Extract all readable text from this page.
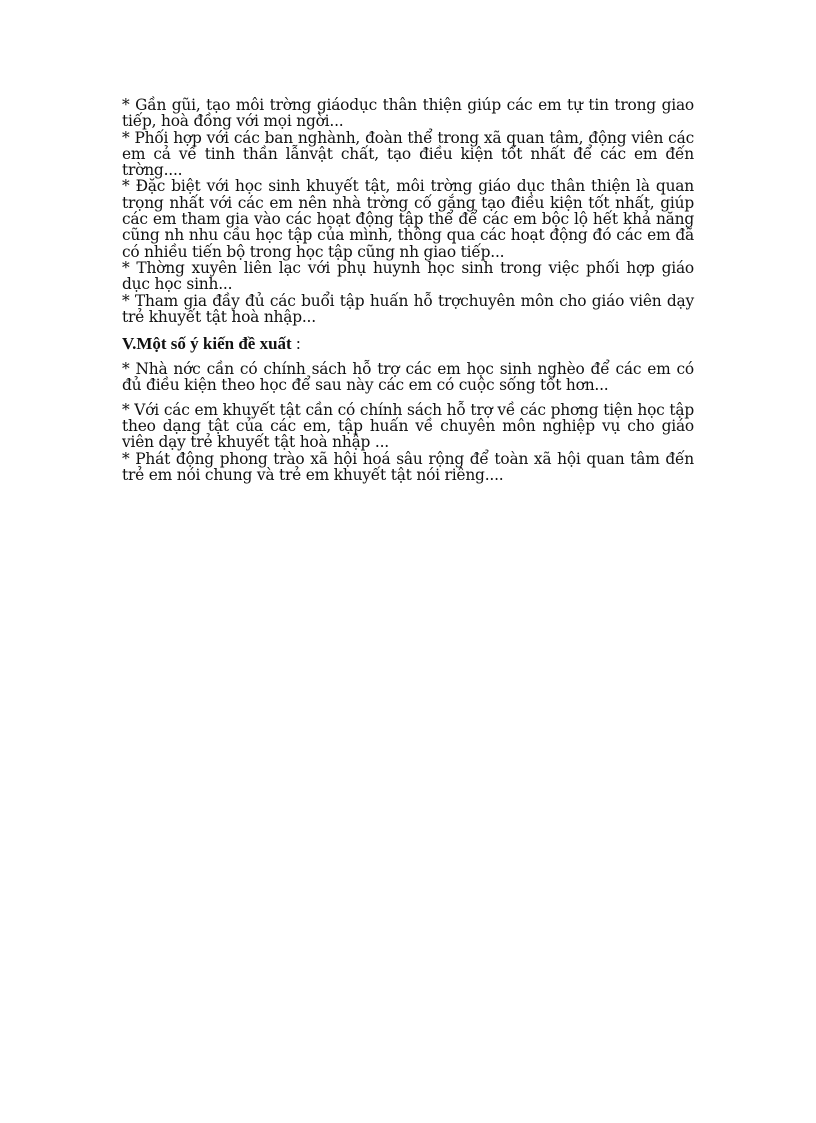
* Gần gũi, tạo môi trờng giáodục thân thiện giúp các em tự tin trong giao tiếp, hoà đồng với mọi ngời...

* Phối hợp với các ban nghành, đoàn thể trong xã quan tâm, động viên các em cả về tinh thần lẫnvật chất, tạo điều kiện tốt nhất để các em đến trờng....

* Đặc biệt với học sinh khuyết tật, môi trờng giáo dục thân thiện là quan trọng nhất với các em nên nhà trờng cố gắng tạo điều kiện tốt nhất, giúp các em tham gia vào các hoạt động tập thể để các em bộc lộ hết khả năng cũng nh nhu cầu học tập của mình, thông qua các hoạt động đó các em đã có nhiều tiến bộ trong học tập cũng nh giao tiếp...

* Thờng xuyên liên lạc với phụ huynh học sinh trong việc phối hợp giáo dục học sinh...

* Tham gia đầy đủ các buổi tập huấn hỗ trợchuyên môn cho giáo viên dạy trẻ khuyết tật hoà nhập...

V.Một số ý kiến đề xuất :

* Nhà nớc cần có chính sách hỗ trợ các em học sinh nghèo để các em có đủ điều kiện theo học để sau này các em có cuộc sống tốt hơn...

* Với các em khuyết tật cần có chính sách hỗ trợ về các phơng tiện học tập theo dạng tật của các em, tập huấn về chuyên môn nghiệp vụ cho giáo viên dạy trẻ khuyết tật hoà nhập ...

* Phát động phong trào xã hội hoá sâu rộng để toàn xã hội quan tâm đến trẻ em nói chung và trẻ em khuyết tật nói riêng....
